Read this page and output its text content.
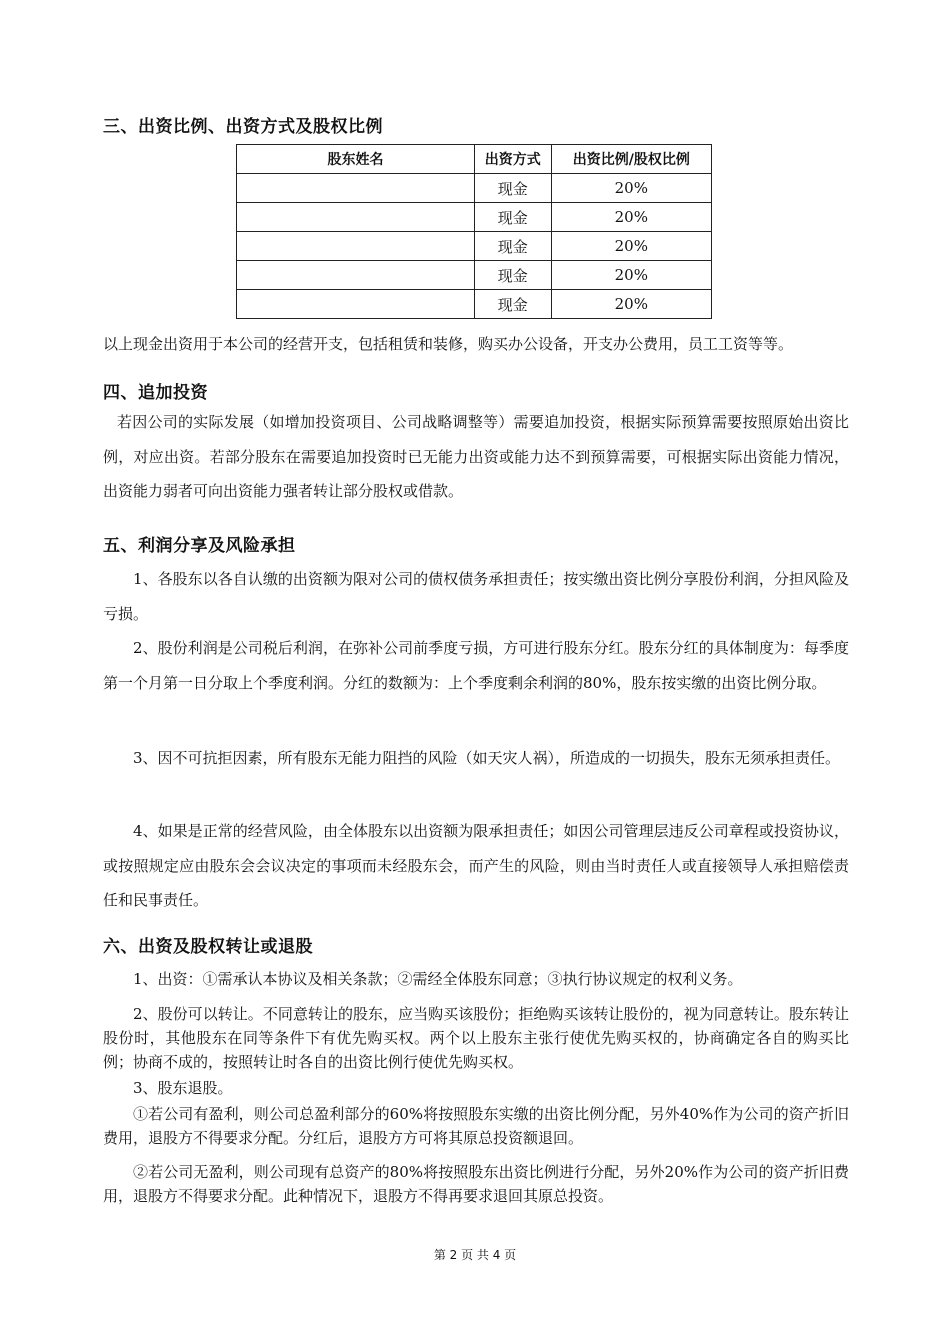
三、出资比例、出资方式及股权比例
股东姓名	出资方式	出资比例/股权比例
	现金	20%
	现金	20%
	现金	20%
	现金	20%
	现金	20%

以上现金出资用于本公司的经营开支，包括租赁和装修，购买办公设备，开支办公费用，员工工资等等。

四、追加投资

若因公司的实际发展（如增加投资项目、公司战略调整等）需要追加投资，根据实际预算需要按照原始出资比例，对应出资。若部分股东在需要追加投资时已无能力出资或能力达不到预算需要，可根据实际出资能力情况，出资能力弱者可向出资能力强者转让部分股权或借款。

五、利润分享及风险承担

1、各股东以各自认缴的出资额为限对公司的债权债务承担责任；按实缴出资比例分享股份利润，分担风险及亏损。

2、股份利润是公司税后利润，在弥补公司前季度亏损，方可进行股东分红。股东分红的具体制度为：每季度第一个月第一日分取上个季度利润。分红的数额为：上个季度剩余利润的80%，股东按实缴的出资比例分取。

3、因不可抗拒因素，所有股东无能力阻挡的风险（如天灾人祸），所造成的一切损失，股东无须承担责任。

4、如果是正常的经营风险，由全体股东以出资额为限承担责任；如因公司管理层违反公司章程或投资协议，或按照规定应由股东会会议决定的事项而未经股东会，而产生的风险，则由当时责任人或直接领导人承担赔偿责任和民事责任。

六、出资及股权转让或退股

1、出资：①需承认本协议及相关条款；②需经全体股东同意；③执行协议规定的权利义务。

2、股份可以转让。不同意转让的股东，应当购买该股份；拒绝购买该转让股份的，视为同意转让。股东转让股份时，其他股东在同等条件下有优先购买权。两个以上股东主张行使优先购买权的，协商确定各自的购买比例；协商不成的，按照转让时各自的出资比例行使优先购买权。

3、股东退股。

①若公司有盈利，则公司总盈利部分的60%将按照股东实缴的出资比例分配，另外40%作为公司的资产折旧费用，退股方不得要求分配。分红后，退股方方可将其原总投资额退回。

②若公司无盈利，则公司现有总资产的80%将按照股东出资比例进行分配，另外20%作为公司的资产折旧费用，退股方不得要求分配。此种情况下，退股方不得再要求退回其原总投资。

第 2 页 共 4 页
